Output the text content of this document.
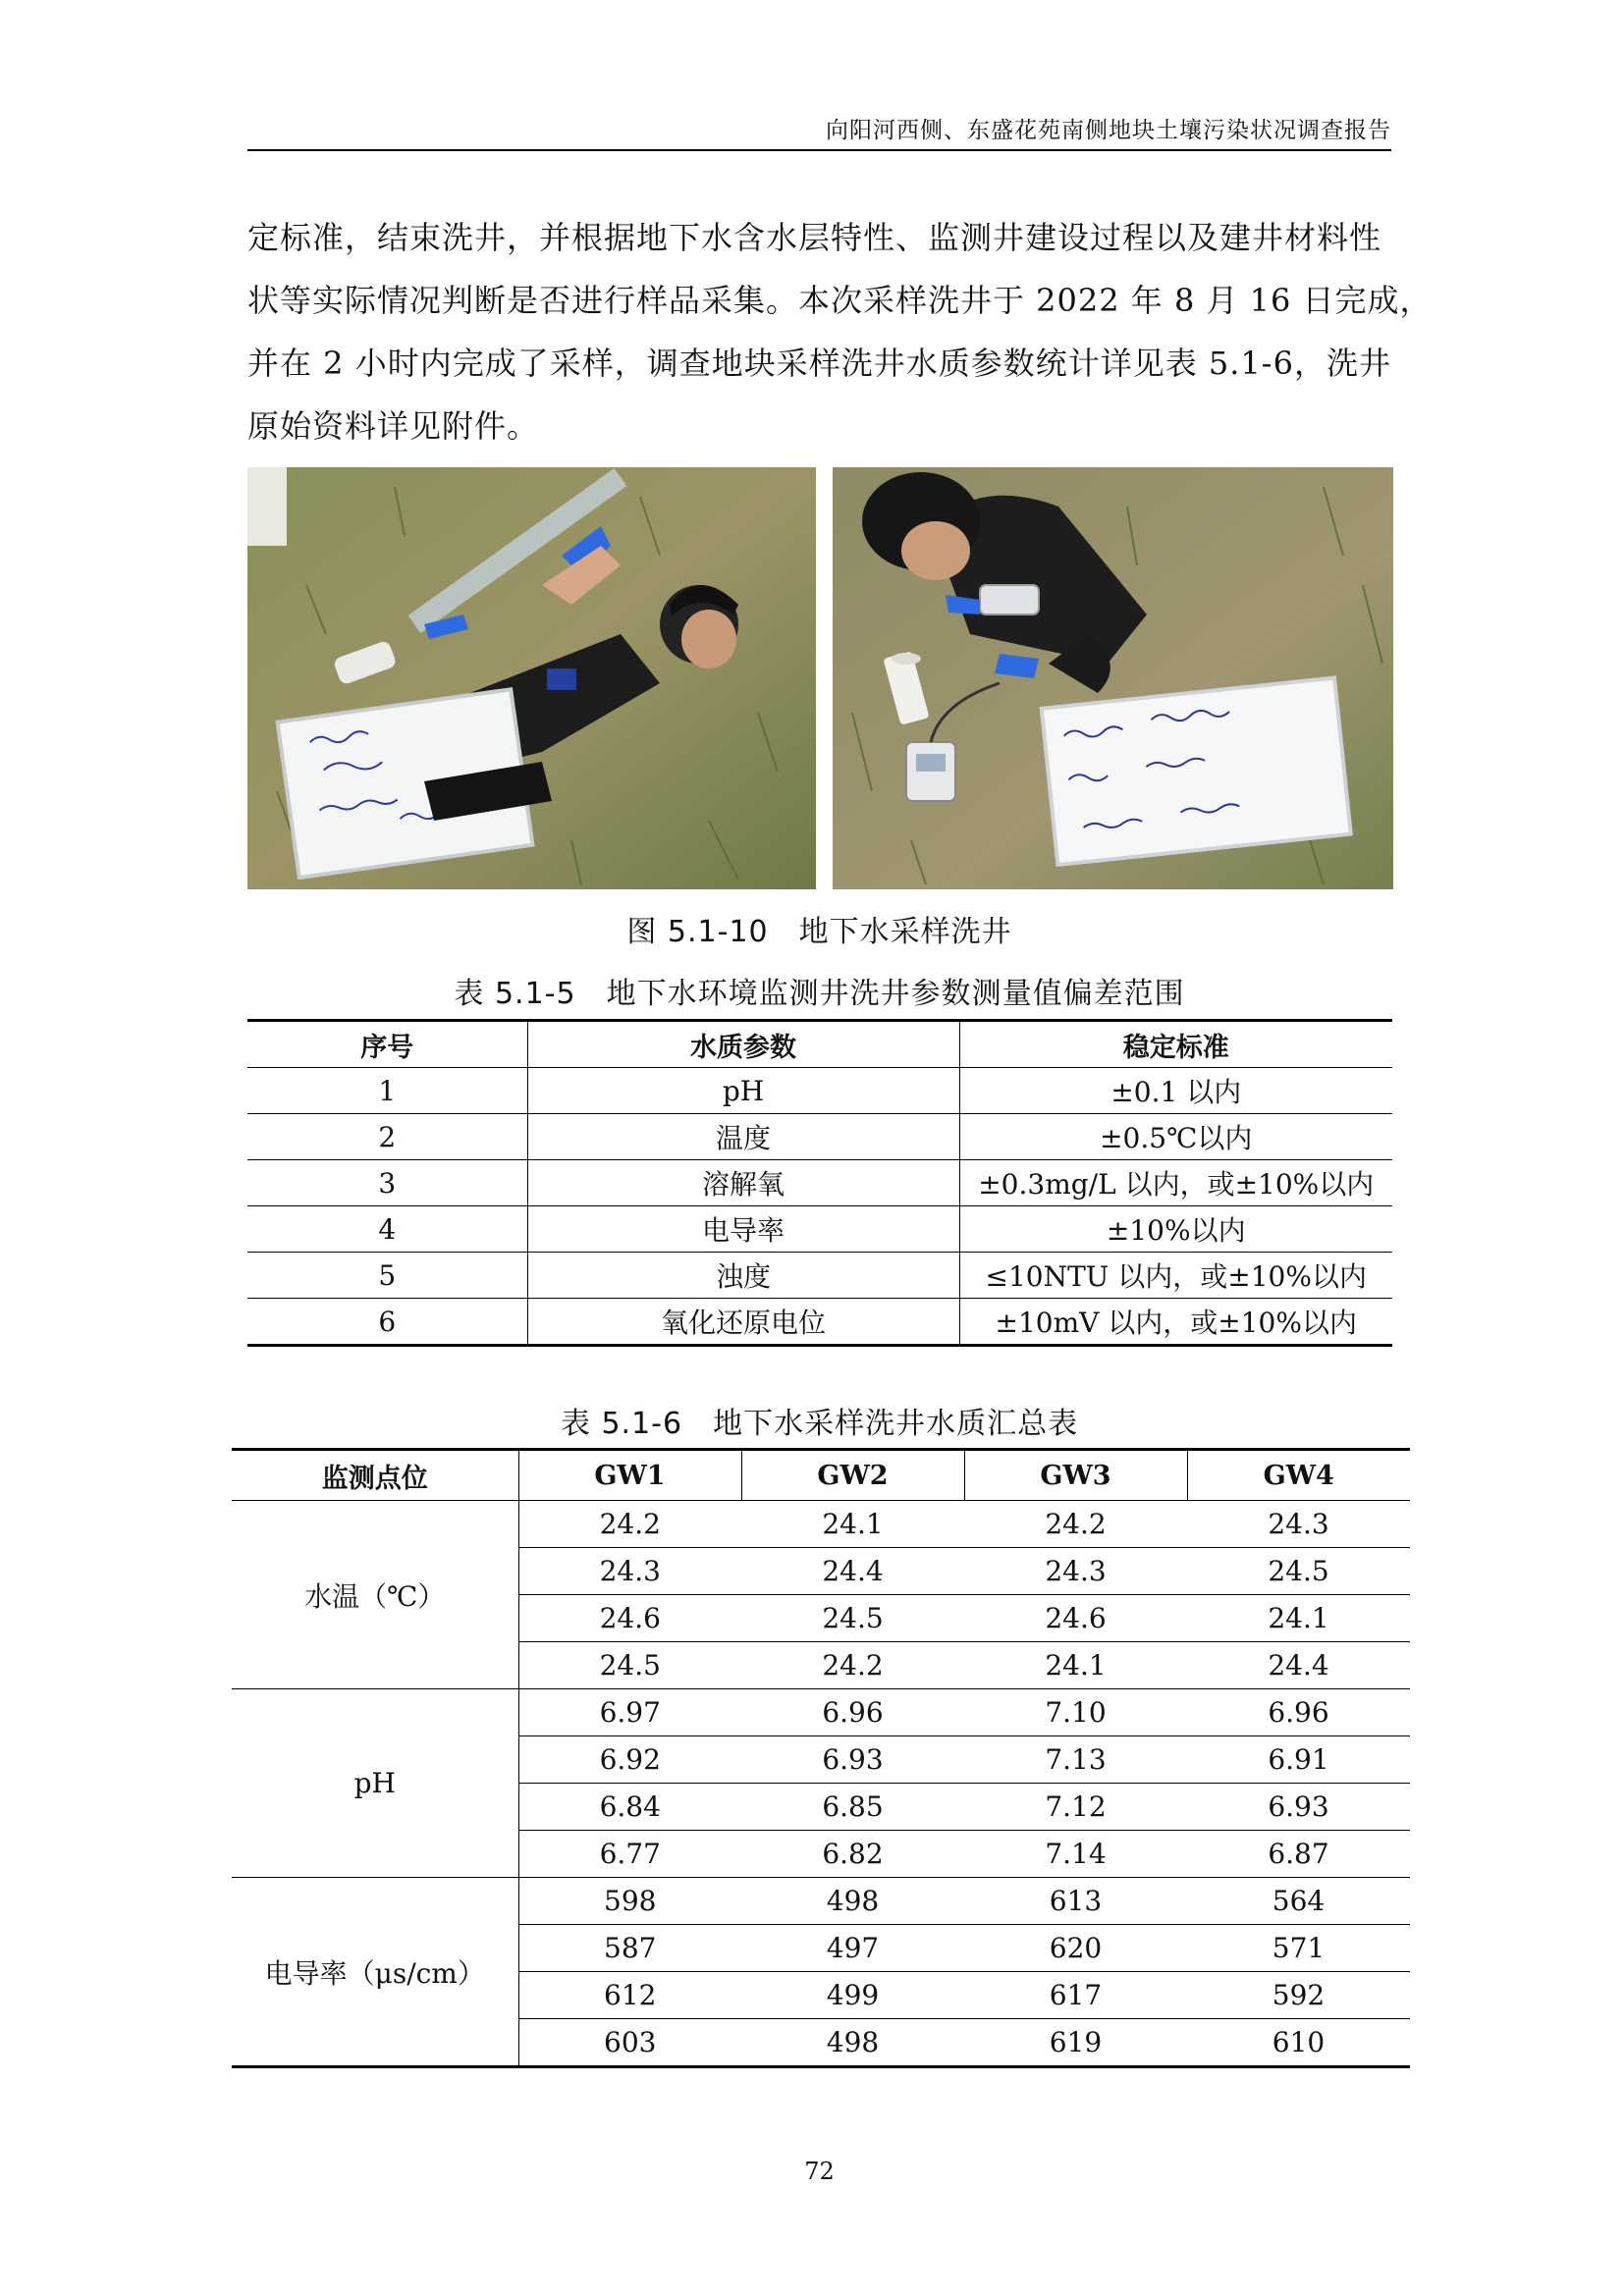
向阳河西侧、东盛花苑南侧地块土壤污染状况调查报告
定标准，结束洗井，并根据地下水含水层特性、监测井建设过程以及建井材料性
状等实际情况判断是否进行样品采集。本次采样洗井于 2022 年 8 月 16 日完成，
并在 2 小时内完成了采样，调查地块采样洗井水质参数统计详见表 5.1-6，洗井
原始资料详见附件。
图 5.1-10　地下水采样洗井
表 5.1-5　地下水环境监测井洗井参数测量值偏差范围
序号	水质参数	稳定标准
1	pH	±0.1 以内
2	温度	±0.5℃以内
3	溶解氧	±0.3mg/L 以内，或±10%以内
4	电导率	±10%以内
5	浊度	≤10NTU 以内，或±10%以内
6	氧化还原电位	±10mV 以内，或±10%以内
表 5.1-6　地下水采样洗井水质汇总表
监测点位	GW1	GW2	GW3	GW4
水温（℃）	24.2	24.1	24.2	24.3
	24.3	24.4	24.3	24.5
	24.6	24.5	24.6	24.1
	24.5	24.2	24.1	24.4
pH	6.97	6.96	7.10	6.96
	6.92	6.93	7.13	6.91
	6.84	6.85	7.12	6.93
	6.77	6.82	7.14	6.87
电导率（μs/cm）	598	498	613	564
	587	497	620	571
	612	499	617	592
	603	498	619	610
72
